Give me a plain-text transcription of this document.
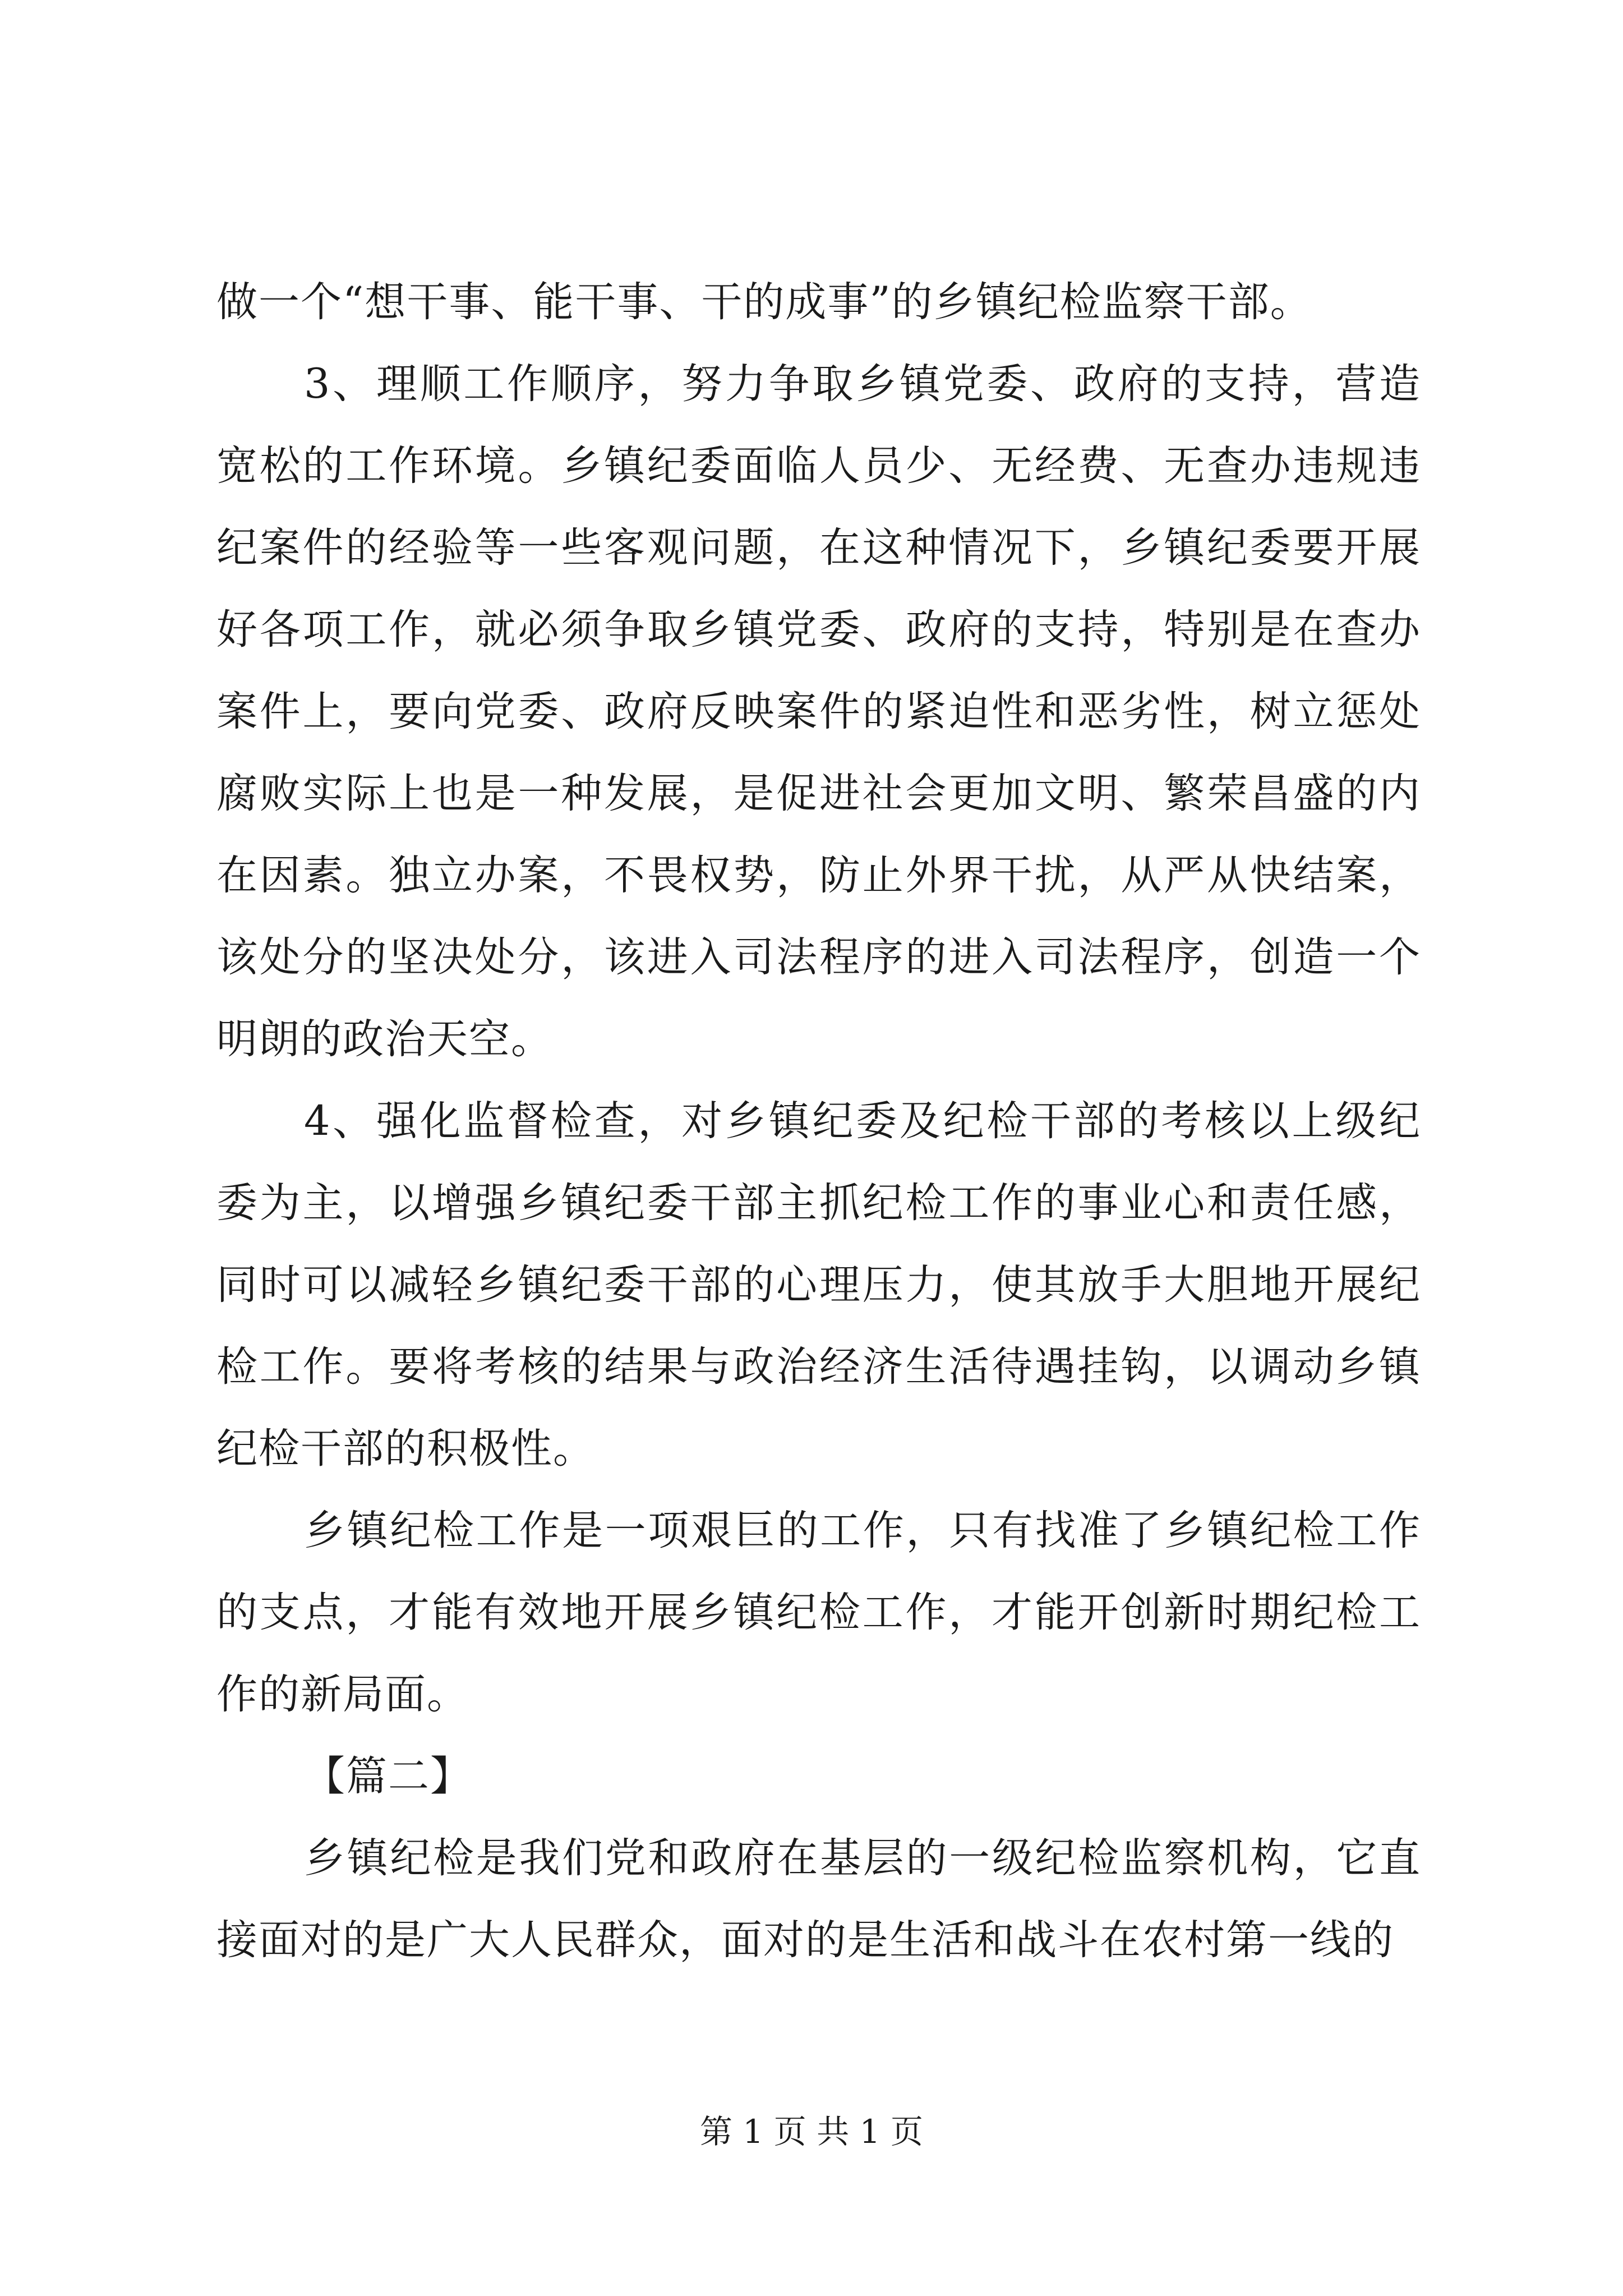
做一个“想干事、能干事、干的成事”的乡镇纪检监察干部。

3、理顺工作顺序，努力争取乡镇党委、政府的支持，营造宽松的工作环境。乡镇纪委面临人员少、无经费、无查办违规违纪案件的经验等一些客观问题，在这种情况下，乡镇纪委要开展好各项工作，就必须争取乡镇党委、政府的支持，特别是在查办案件上，要向党委、政府反映案件的紧迫性和恶劣性，树立惩处腐败实际上也是一种发展，是促进社会更加文明、繁荣昌盛的内在因素。独立办案，不畏权势，防止外界干扰，从严从快结案，该处分的坚决处分，该进入司法程序的进入司法程序，创造一个明朗的政治天空。

4、强化监督检查，对乡镇纪委及纪检干部的考核以上级纪委为主，以增强乡镇纪委干部主抓纪检工作的事业心和责任感，同时可以减轻乡镇纪委干部的心理压力，使其放手大胆地开展纪检工作。要将考核的结果与政治经济生活待遇挂钩，以调动乡镇纪检干部的积极性。

乡镇纪检工作是一项艰巨的工作，只有找准了乡镇纪检工作的支点，才能有效地开展乡镇纪检工作，才能开创新时期纪检工作的新局面。

【篇二】

乡镇纪检是我们党和政府在基层的一级纪检监察机构，它直接面对的是广大人民群众，面对的是生活和战斗在农村第一线的

第 1 页 共 1 页
